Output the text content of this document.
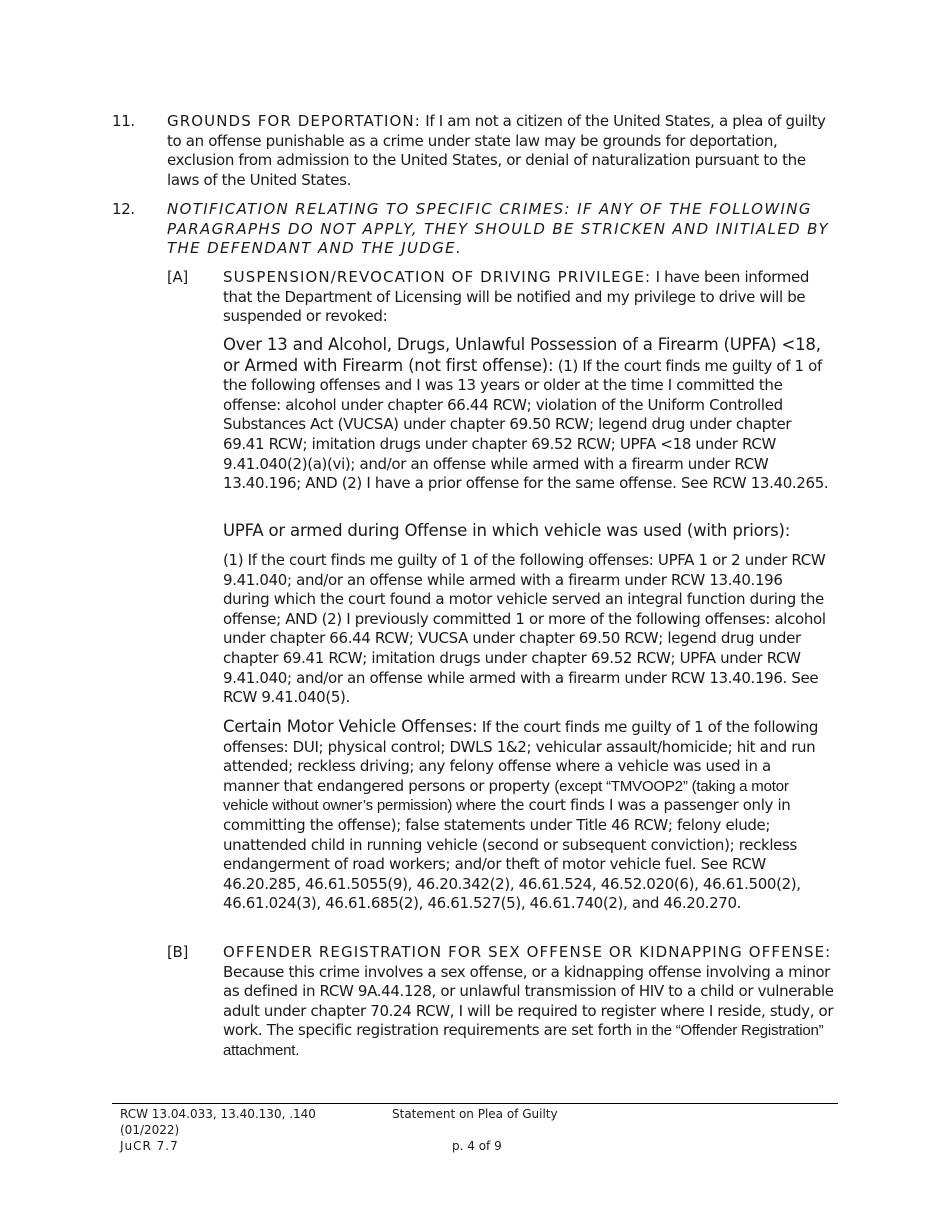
11. GROUNDS FOR DEPORTATION: If I am not a citizen of the United States, a plea of guilty to an offense punishable as a crime under state law may be grounds for deportation, exclusion from admission to the United States, or denial of naturalization pursuant to the laws of the United States.
12. NOTIFICATION RELATING TO SPECIFIC CRIMES: IF ANY OF THE FOLLOWING PARAGRAPHS DO NOT APPLY, THEY SHOULD BE STRICKEN AND INITIALED BY THE DEFENDANT AND THE JUDGE.
[A] SUSPENSION/REVOCATION OF DRIVING PRIVILEGE: I have been informed that the Department of Licensing will be notified and my privilege to drive will be suspended or revoked:
Over 13 and Alcohol, Drugs, Unlawful Possession of a Firearm (UPFA) <18, or Armed with Firearm (not first offense): (1) If the court finds me guilty of 1 of the following offenses and I was 13 years or older at the time I committed the offense: alcohol under chapter 66.44 RCW; violation of the Uniform Controlled Substances Act (VUCSA) under chapter 69.50 RCW; legend drug under chapter 69.41 RCW; imitation drugs under chapter 69.52 RCW; UPFA <18 under RCW 9.41.040(2)(a)(vi); and/or an offense while armed with a firearm under RCW 13.40.196; AND (2) I have a prior offense for the same offense. See RCW 13.40.265.
UPFA or armed during Offense in which vehicle was used (with priors):
(1) If the court finds me guilty of 1 of the following offenses: UPFA 1 or 2 under RCW 9.41.040; and/or an offense while armed with a firearm under RCW 13.40.196 during which the court found a motor vehicle served an integral function during the offense; AND (2) I previously committed 1 or more of the following offenses: alcohol under chapter 66.44 RCW; VUCSA under chapter 69.50 RCW; legend drug under chapter 69.41 RCW; imitation drugs under chapter 69.52 RCW; UPFA under RCW 9.41.040; and/or an offense while armed with a firearm under RCW 13.40.196. See RCW 9.41.040(5).
Certain Motor Vehicle Offenses: If the court finds me guilty of 1 of the following offenses: DUI; physical control; DWLS 1&2; vehicular assault/homicide; hit and run attended; reckless driving; any felony offense where a vehicle was used in a manner that endangered persons or property (except “TMVOOP2” (taking a motor vehicle without owner’s permission) where the court finds I was a passenger only in committing the offense); false statements under Title 46 RCW; felony elude; unattended child in running vehicle (second or subsequent conviction); reckless endangerment of road workers; and/or theft of motor vehicle fuel. See RCW 46.20.285, 46.61.5055(9), 46.20.342(2), 46.61.524, 46.52.020(6), 46.61.500(2), 46.61.024(3), 46.61.685(2), 46.61.527(5), 46.61.740(2), and 46.20.270.
[B] OFFENDER REGISTRATION FOR SEX OFFENSE OR KIDNAPPING OFFENSE: Because this crime involves a sex offense, or a kidnapping offense involving a minor as defined in RCW 9A.44.128, or unlawful transmission of HIV to a child or vulnerable adult under chapter 70.24 RCW, I will be required to register where I reside, study, or work. The specific registration requirements are set forth in the “Offender Registration” attachment.
RCW 13.04.033, 13.40.130, .140
(01/2022)
JuCR 7.7
Statement on Plea of Guilty
p. 4 of 9
